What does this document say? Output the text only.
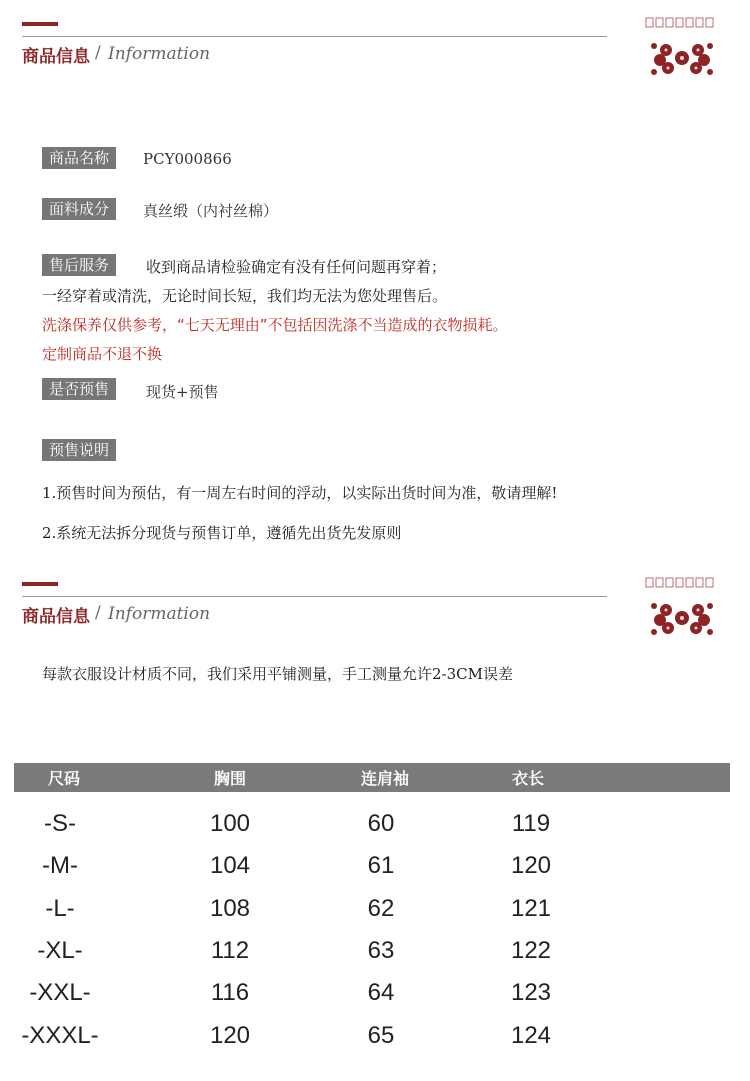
商品信息 / Information
商品名称	PCY000866
面料成分	真丝缎（内衬丝棉）
售后服务	收到商品请检验确定有没有任何问题再穿着；
一经穿着或清洗，无论时间长短，我们均无法为您处理售后。
洗涤保养仅供参考，“七天无理由”不包括因洗涤不当造成的衣物损耗。
定制商品不退不换
是否预售	现货+预售
预售说明
1.预售时间为预估，有一周左右时间的浮动，以实际出货时间为准，敬请理解!
2.系统无法拆分现货与预售订单，遵循先出货先发原则
商品信息 / Information
每款衣服设计材质不同，我们采用平铺测量，手工测量允许2-3CM误差
尺码	胸围	连肩袖	衣长
-S-	100	60	119
-M-	104	61	120
-L-	108	62	121
-XL-	112	63	122
-XXL-	116	64	123
-XXXL-	120	65	124
